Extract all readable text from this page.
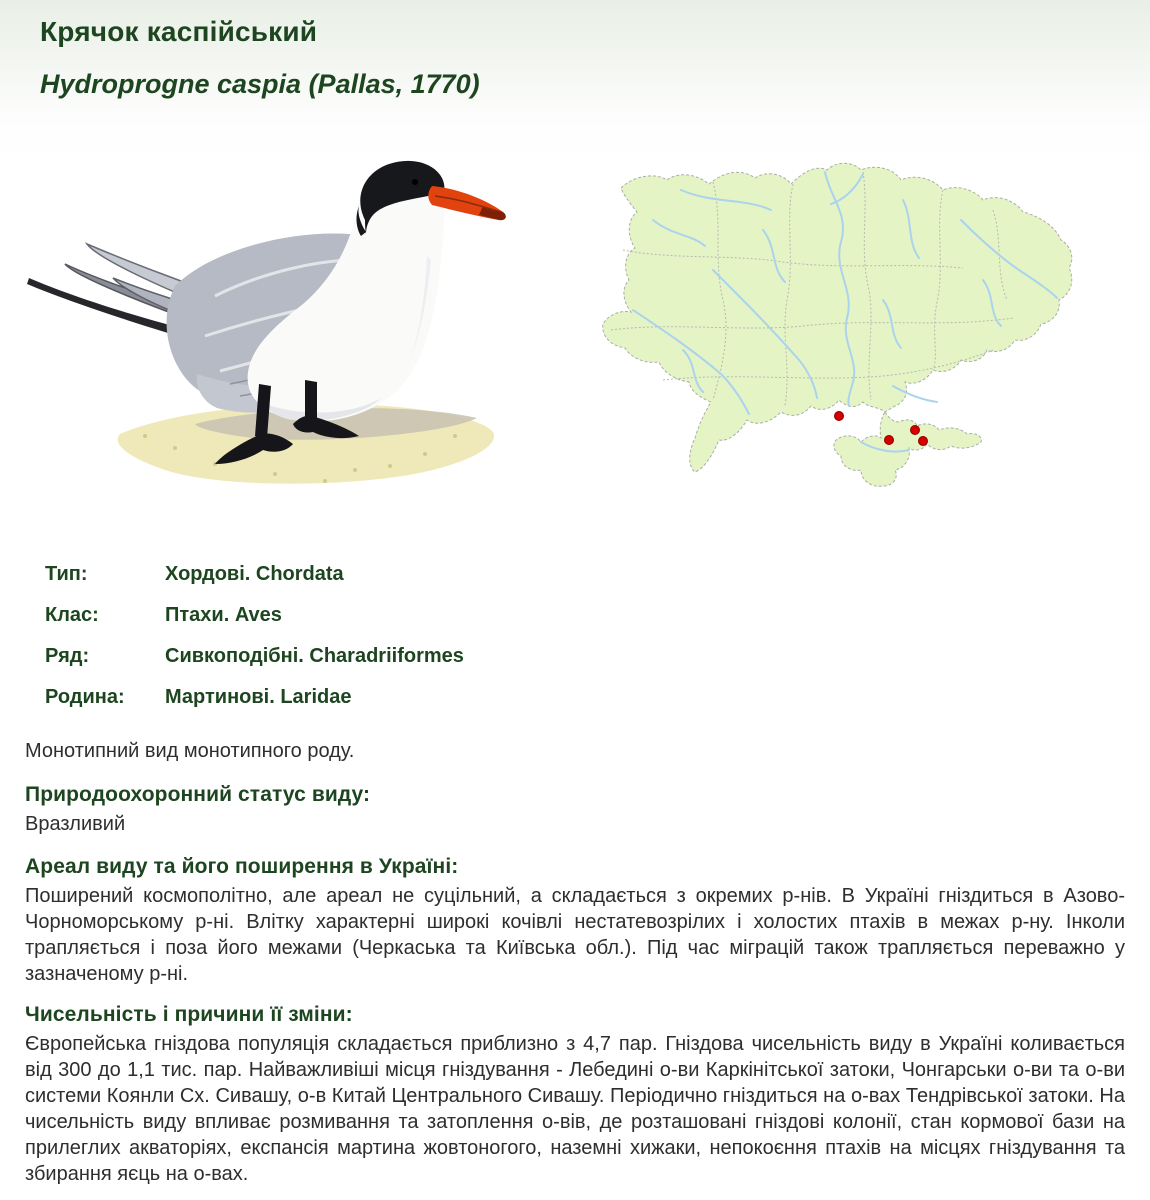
Крячок каспійський
Hydroprogne caspia (Pallas, 1770)
Тип:	Хордові. Chordata
Клас:	Птахи. Aves
Ряд:	Сивкоподібні. Charadriiformes
Родина:	Мартинові. Laridae

Монотипний вид монотипного роду.

Природоохоронний статус виду:

Вразливий

Ареал виду та його поширення в Україні:

Поширений космополітно, але ареал не суцільний, а складається з окремих р-нів. В Україні гніздиться в Азово-Чорноморському р-ні. Влітку характерні широкі кочівлі нестатевозрілих і холостих птахів в межах р-ну. Інколи трапляється і поза його межами (Черкаська та Київська обл.). Під час міграцій також трапляється переважно у зазначеному р-ні.

Чисельність і причини її зміни:

Європейська гніздова популяція складається приблизно з 4,7 пар. Гніздова чисельність виду в Україні коливається від 300 до 1,1 тис. пар. Найважливіші місця гніздування - Лебедині о-ви Каркінітської затоки, Чонгарськи о-ви та о-ви системи Коянли Сх. Сивашу, о-в Китай Центрального Сивашу. Періодично гніздиться на о-вах Тендрівської затоки. На чисельність виду впливає розмивання та затоплення о-вів, де розташовані гніздові колонії, стан кормової бази на прилеглих акваторіях, експансія мартина жовтоногого, наземні хижаки, непокоєння птахів на місцях гніздування та збирання яєць на о-вах.
